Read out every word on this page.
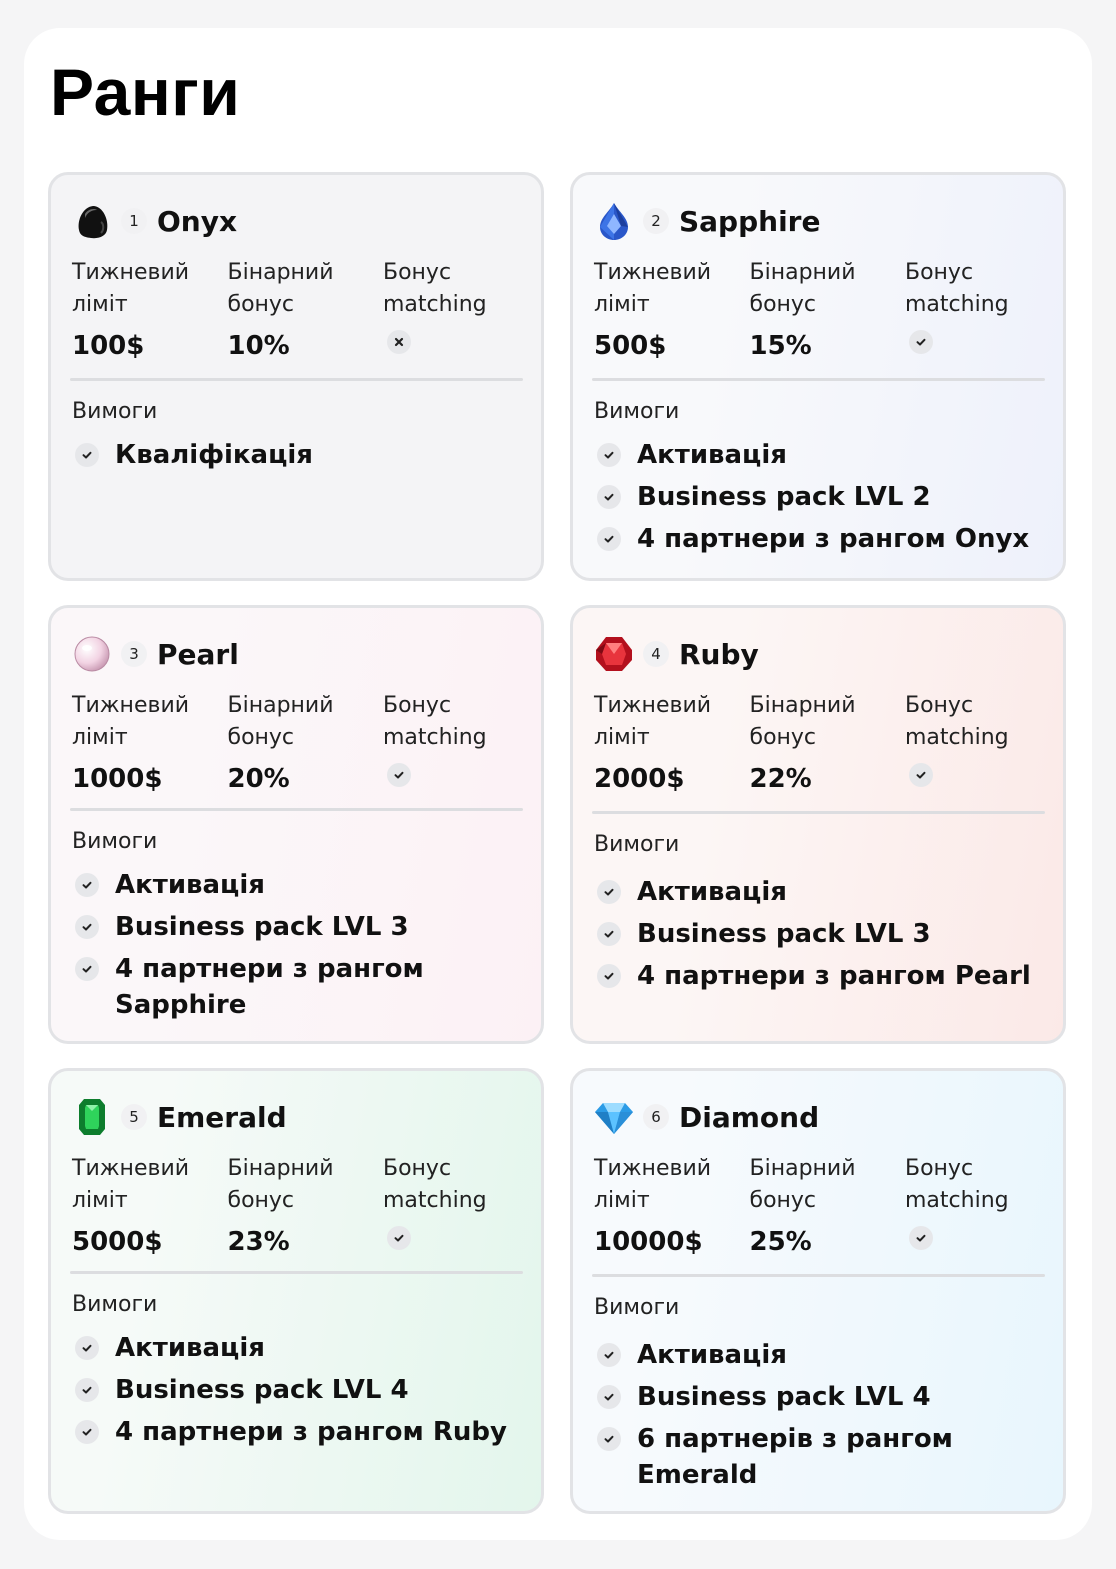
Ранги
1 Onyx
Тижневий
ліміт
100$
Бінарний
бонус
10%
Бонус
matching
Вимоги
Кваліфікація
2 Sapphire
Тижневий
ліміт
500$
Бінарний
бонус
15%
Бонус
matching
Вимоги
Активація
Business pack LVL 2
4 партнери з рангом Onyx
3 Pearl
Тижневий
ліміт
1000$
Бінарний
бонус
20%
Бонус
matching
Вимоги
Активація
Business pack LVL 3
4 партнери з рангом Sapphire
4 Ruby
Тижневий
ліміт
2000$
Бінарний
бонус
22%
Бонус
matching
Вимоги
Активація
Business pack LVL 3
4 партнери з рангом Pearl
5 Emerald
Тижневий
ліміт
5000$
Бінарний
бонус
23%
Бонус
matching
Вимоги
Активація
Business pack LVL 4
4 партнери з рангом Ruby
6 Diamond
Тижневий
ліміт
10000$
Бінарний
бонус
25%
Бонус
matching
Вимоги
Активація
Business pack LVL 4
6 партнерів з рангом Emerald
